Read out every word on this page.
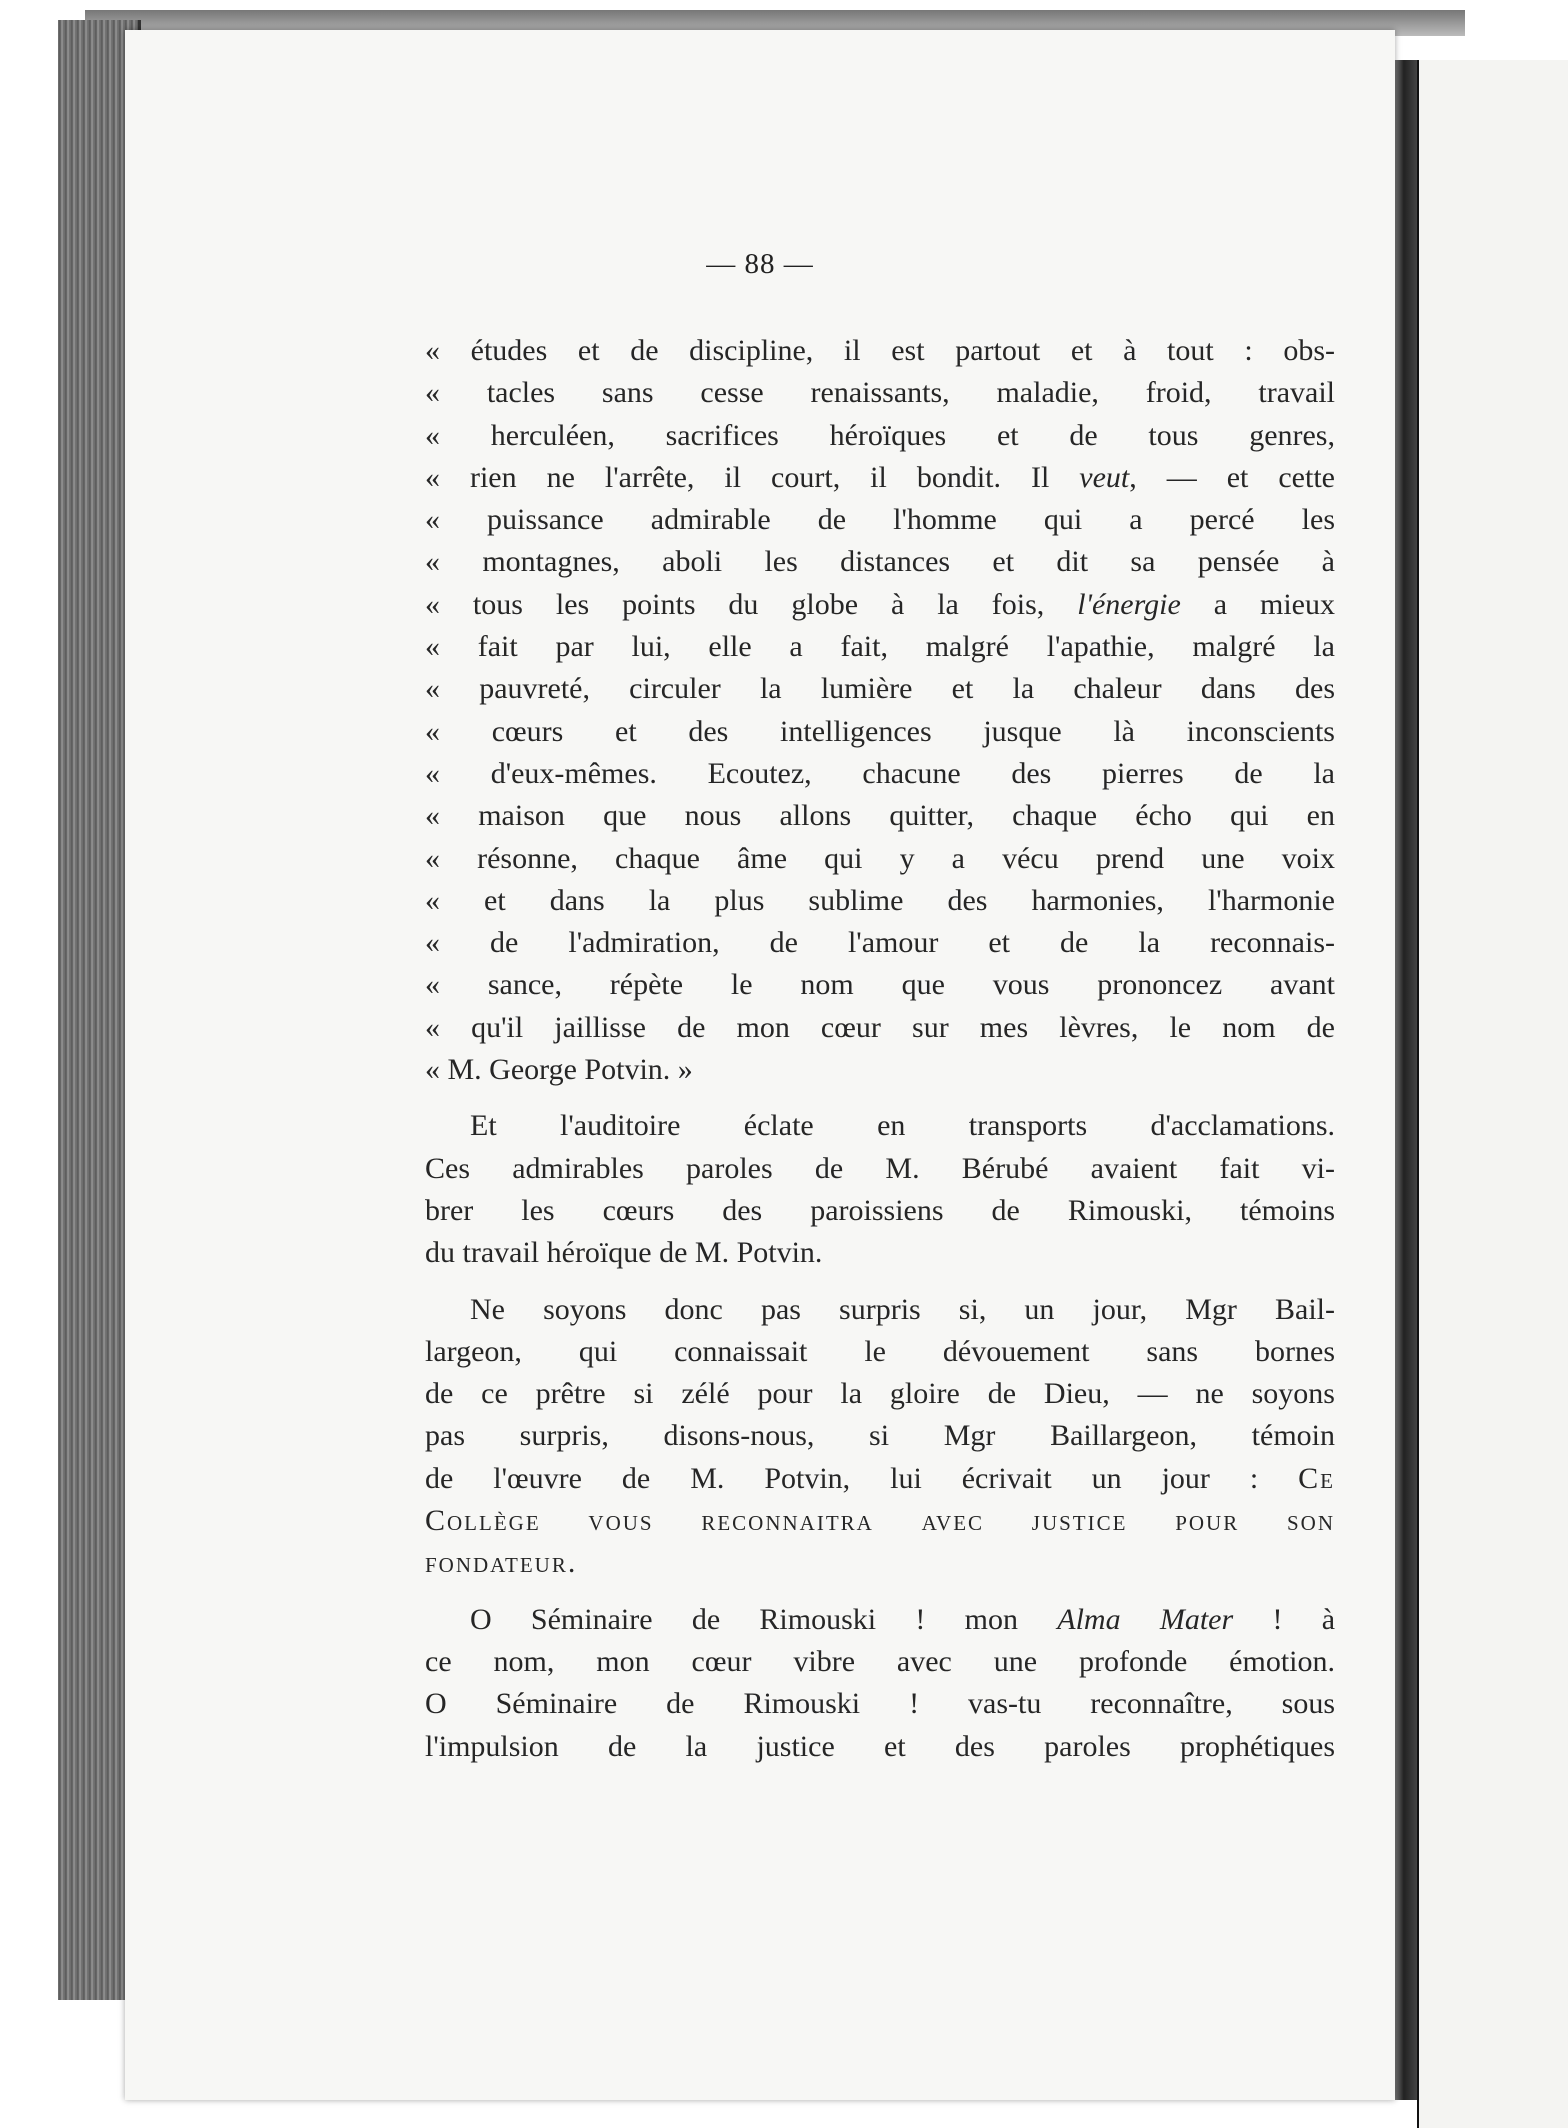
— 88 —
« études et de discipline, il est partout et à tout : obs-
« tacles sans cesse renaissants, maladie, froid, travail
« herculéen, sacrifices héroïques et de tous genres,
« rien ne l'arrête, il court, il bondit. Il veut, — et cette
« puissance admirable de l'homme qui a percé les
« montagnes, aboli les distances et dit sa pensée à
« tous les points du globe à la fois, l'énergie a mieux
« fait par lui, elle a fait, malgré l'apathie, malgré la
« pauvreté, circuler la lumière et la chaleur dans des
« cœurs et des intelligences jusque là inconscients
« d'eux-mêmes. Ecoutez, chacune des pierres de la
« maison que nous allons quitter, chaque écho qui en
« résonne, chaque âme qui y a vécu prend une voix
« et dans la plus sublime des harmonies, l'harmonie
« de l'admiration, de l'amour et de la reconnais-
« sance, répète le nom que vous prononcez avant
« qu'il jaillisse de mon cœur sur mes lèvres, le nom de
« M. George Potvin. »
Et l'auditoire éclate en transports d'acclamations.
Ces admirables paroles de M. Bérubé avaient fait vi-
brer les cœurs des paroissiens de Rimouski, témoins
du travail héroïque de M. Potvin.
Ne soyons donc pas surpris si, un jour, Mgr Bail-
largeon, qui connaissait le dévouement sans bornes
de ce prêtre si zélé pour la gloire de Dieu, — ne soyons
pas surpris, disons-nous, si Mgr Baillargeon, témoin
de l'œuvre de M. Potvin, lui écrivait un jour : Ce
Collège vous reconnaitra avec justice pour son
fondateur.
O Séminaire de Rimouski ! mon Alma Mater ! à
ce nom, mon cœur vibre avec une profonde émotion.
O Séminaire de Rimouski ! vas-tu reconnaître, sous
l'impulsion de la justice et des paroles prophétiques
